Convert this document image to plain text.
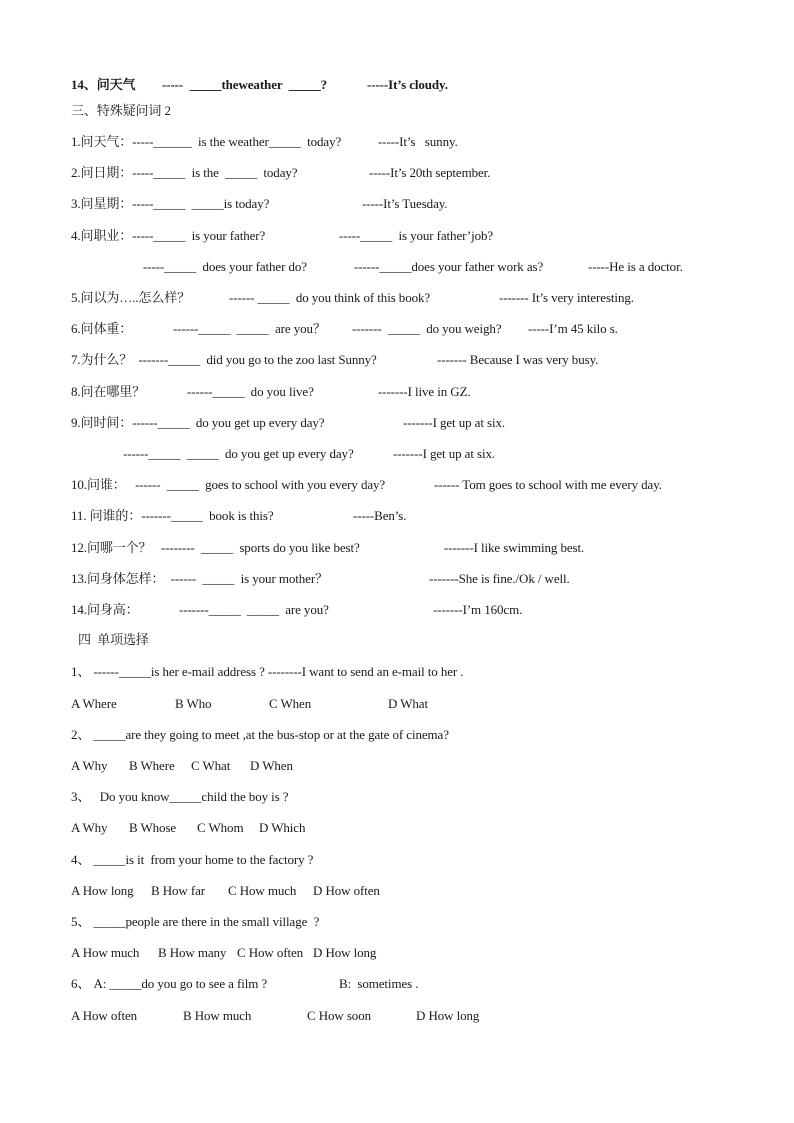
14、问天气 -----  _____theweather  _____?	-----It’s cloudy.
三、特殊疑问词 2
1.问天气：-----______  is the weather_____  today?	-----It’s   sunny.
2.问日期：-----_____  is the  _____  today?	-----It’s 20th september.
3.问星期：-----_____  _____is today?	-----It’s Tuesday.
4.问职业：-----_____  is your father?	-----_____  is your father’job?
-----_____  does your father do?	------_____does your father work as?	-----He is a doctor.
5.问以为…..怎么样？	------ _____  do you think of this book?	------- It’s very interesting.
6.问体重：	------_____  _____  are you？ -------  _____  do you weigh? -----I’m 45 kilo s.
7.为什么？  -------_____  did you go to the zoo last Sunny?	------- Because I was very busy.
8.问在哪里？	------_____  do you live?	-------I live in GZ.
9.问时间：------_____  do you get up every day?	-------I get up at six.
------_____  _____  do you get up every day?	-------I get up at six.
10.问谁：   ------  _____  goes to school with you every day?	------ Tom goes to school with me every day.
11. 问谁的：-------_____  book is this?	-----Ben’s.
12.问哪一个？   --------  _____  sports do you like best?	-------I like swimming best.
13.问身体怎样：  ------  _____  is your mother？	-------She is fine./Ok / well.
14.问身高：	-------_____  _____  are you?	-------I’m 160cm.
四  单项选择
1、 ------_____is her e-mail address ? --------I want to send an e-mail to her .
A Where	B Who	C When	D What
2、 _____are they going to meet ,at the bus-stop or at the gate of cinema?
A Why B Where C What D When
3、   Do you know_____child the boy is ?
A Why B Whose C Whom D Which
4、 _____is it  from your home to the factory ?
A How long B How far C How much D How often
5、 _____people are there in the small village  ?
A How much B How many C How often D How long
6、 A: _____do you go to see a film ?	B:  sometimes .
A How often	B How much	C How soon	D How long
